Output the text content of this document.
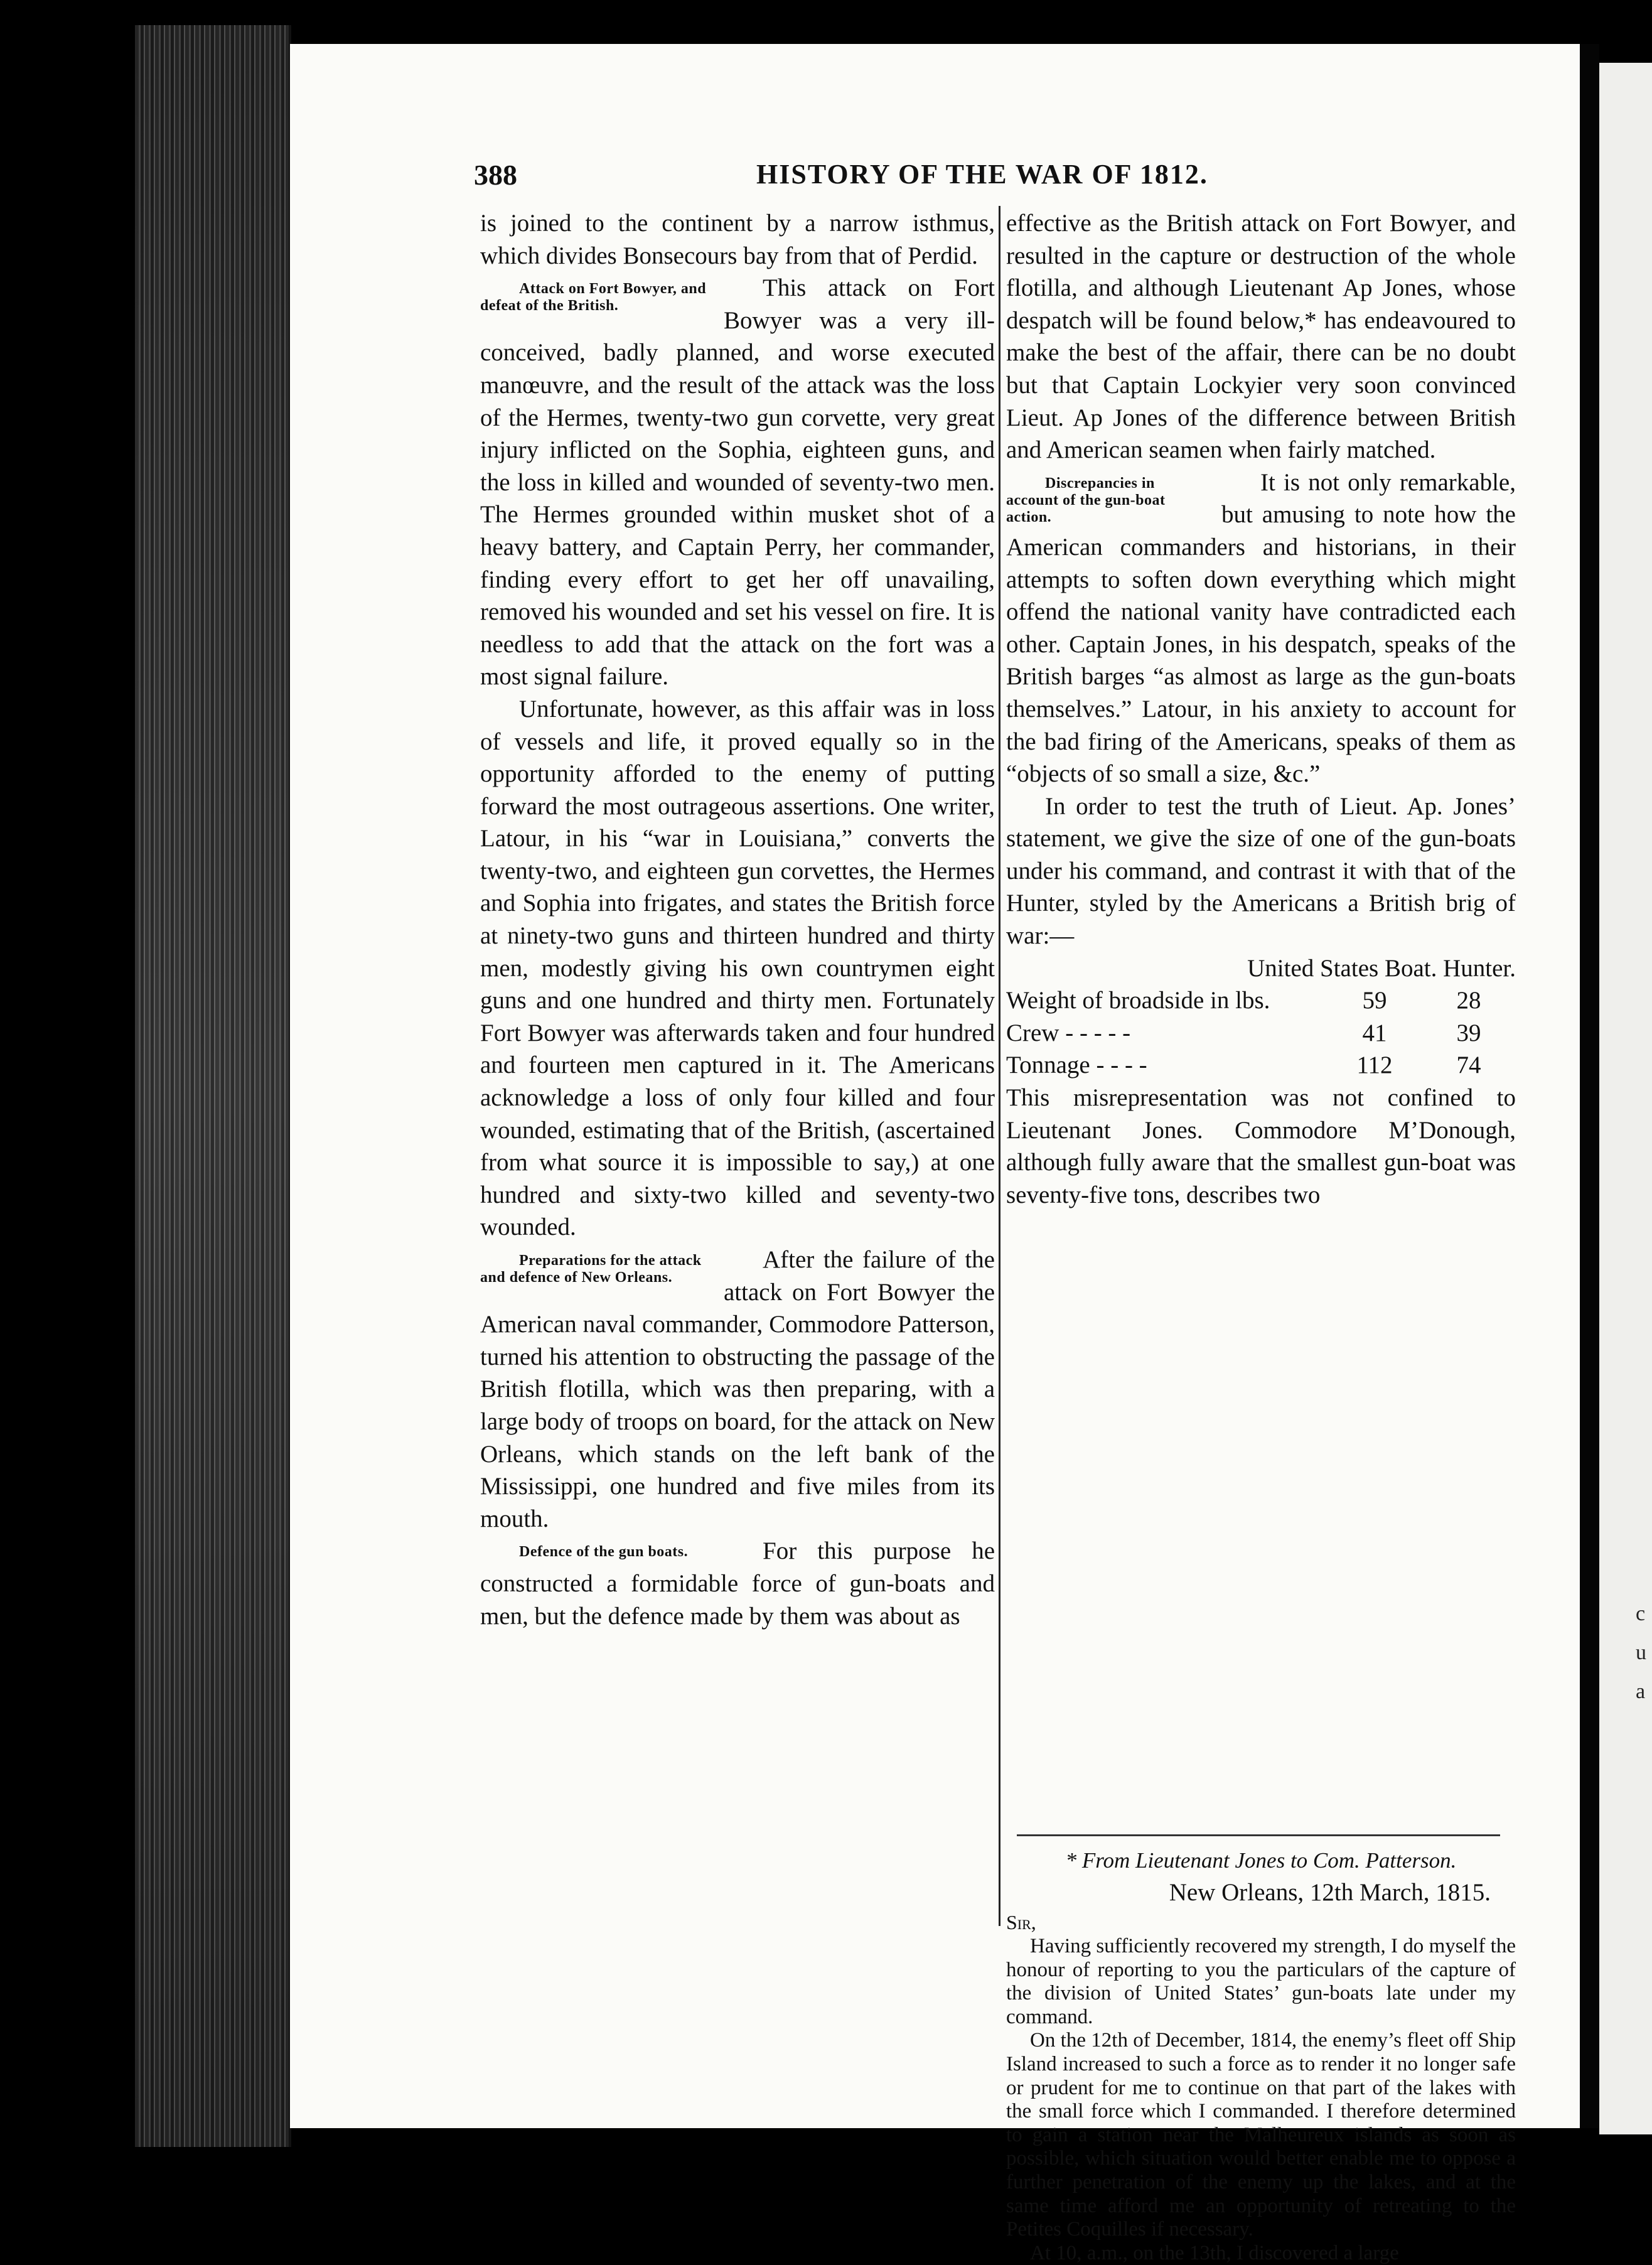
c
u
a
388	HISTORY OF THE WAR OF 1812.

is joined to the continent by a narrow isthmus, which divides Bonsecours bay from that of Perdid.

Attack on Fort Bowyer, and defeat of the British.
This attack on Fort Bowyer was a very ill-conceived, badly planned, and worse executed manœuvre, and the result of the attack was the loss of the Hermes, twenty-two gun corvette, very great injury inflicted on the Sophia, eighteen guns, and the loss in killed and wounded of seventy-two men. The Hermes grounded within musket shot of a heavy battery, and Captain Perry, her commander, finding every effort to get her off unavailing, removed his wounded and set his vessel on fire. It is needless to add that the attack on the fort was a most signal failure.

Unfortunate, however, as this affair was in loss of vessels and life, it proved equally so in the opportunity afforded to the enemy of putting forward the most outrageous assertions. One writer, Latour, in his “war in Louisiana,” converts the twenty-two, and eighteen gun corvettes, the Hermes and Sophia into frigates, and states the British force at ninety-two guns and thirteen hundred and thirty men, modestly giving his own countrymen eight guns and one hundred and thirty men. Fortunately Fort Bowyer was afterwards taken and four hundred and fourteen men captured in it. The Americans acknowledge a loss of only four killed and four wounded, estimating that of the British, (ascertained from what source it is impossible to say,) at one hundred and sixty-two killed and seventy-two wounded.

Preparations for the attack and defence of New Orleans.
After the failure of the attack on Fort Bowyer the American naval commander, Commodore Patterson, turned his attention to obstructing the passage of the British flotilla, which was then preparing, with a large body of troops on board, for the attack on New Orleans, which stands on the left bank of the Mississippi, one hundred and five miles from its mouth.

Defence of the gun boats.	For this purpose he constructed a formidable force of gun-boats and men, but the defence made by them was about as

effective as the British attack on Fort Bowyer, and resulted in the capture or destruction of the whole flotilla, and although Lieutenant Ap Jones, whose despatch will be found below,* has endeavoured to make the best of the affair, there can be no doubt but that Captain Lockyier very soon convinced Lieut. Ap Jones of the difference between British and American seamen when fairly matched.

Discrepancies in account of the gun-boat action.
It is not only remarkable, but amusing to note how the American commanders and historians, in their attempts to soften down everything which might offend the national vanity have contradicted each other. Captain Jones, in his despatch, speaks of the British barges “as almost as large as the gun-boats themselves.” Latour, in his anxiety to account for the bad firing of the Americans, speaks of them as “objects of so small a size, &c.”

In order to test the truth of Lieut. Ap. Jones’ statement, we give the size of one of the gun-boats under his command, and contrast it with that of the Hunter, styled by the Americans a British brig of war:—

United States Boat. Hunter.
Weight of broadside in lbs.	59	28
Crew - - - - -	41	39
Tonnage - - - -	112	74

This misrepresentation was not confined to Lieutenant Jones. Commodore M’Donough, although fully aware that the smallest gun-boat was seventy-five tons, describes two

* From Lieutenant Jones to Com. Patterson.
New Orleans, 12th March, 1815.

Sir,

Having sufficiently recovered my strength, I do myself the honour of reporting to you the particulars of the capture of the division of United States’ gun-boats late under my command.

On the 12th of December, 1814, the enemy’s fleet off Ship Island increased to such a force as to render it no longer safe or prudent for me to continue on that part of the lakes with the small force which I commanded. I therefore determined to gain a station near the Malheureux islands as soon as possible, which situation would better enable me to oppose a further penetration of the enemy up the lakes, and at the same time afford me an opportunity of retreating to the Petites Coquilles if necessary.

At 10, a.m., on the 13th, I discovered a large
